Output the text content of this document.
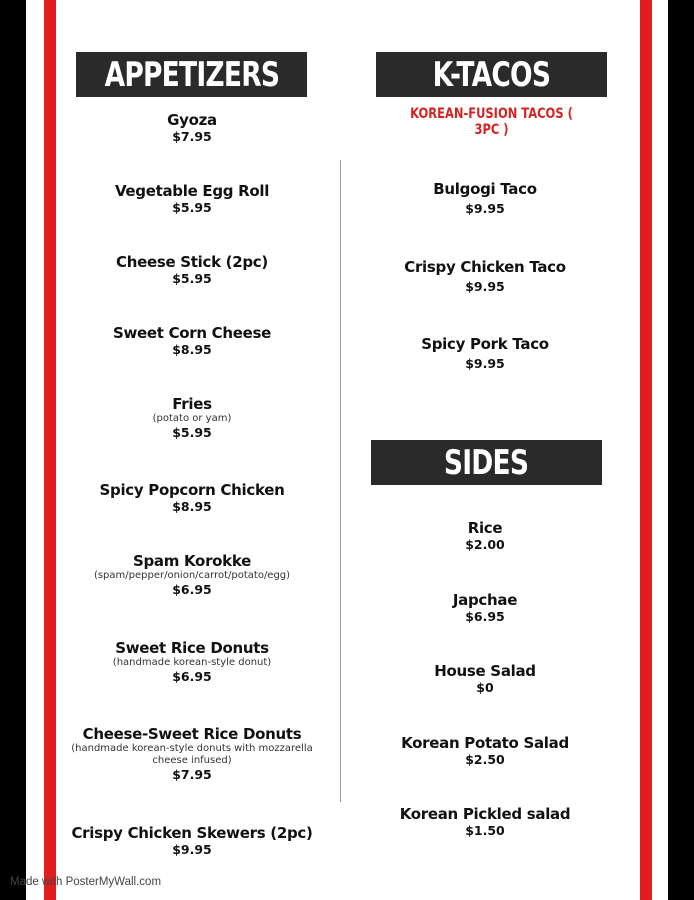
APPETIZERS	K-TACOS
SIDES
KOREAN-FUSION TACOS ( 3PC )
Gyoza
$7.95
Vegetable Egg Roll
$5.95
Cheese Stick (2pc)
$5.95
Sweet Corn Cheese
$8.95
Fries
(potato or yam)
$5.95
Spicy Popcorn Chicken
$8.95
Spam Korokke
(spam/pepper/onion/carrot/potato/egg)
$6.95
Sweet Rice Donuts
(handmade korean-style donut)
$6.95
Cheese-Sweet Rice Donuts
(handmade korean-style donuts with mozzarella cheese infused)
$7.95
Crispy Chicken Skewers (2pc)
$9.95
Bulgogi Taco
$9.95
Crispy Chicken Taco
$9.95
Spicy Pork Taco
$9.95
Rice
$2.00
Japchae
$6.95
House Salad
$0
Korean Potato Salad
$2.50
Korean Pickled salad
$1.50
Made with PosterMyWall.com
